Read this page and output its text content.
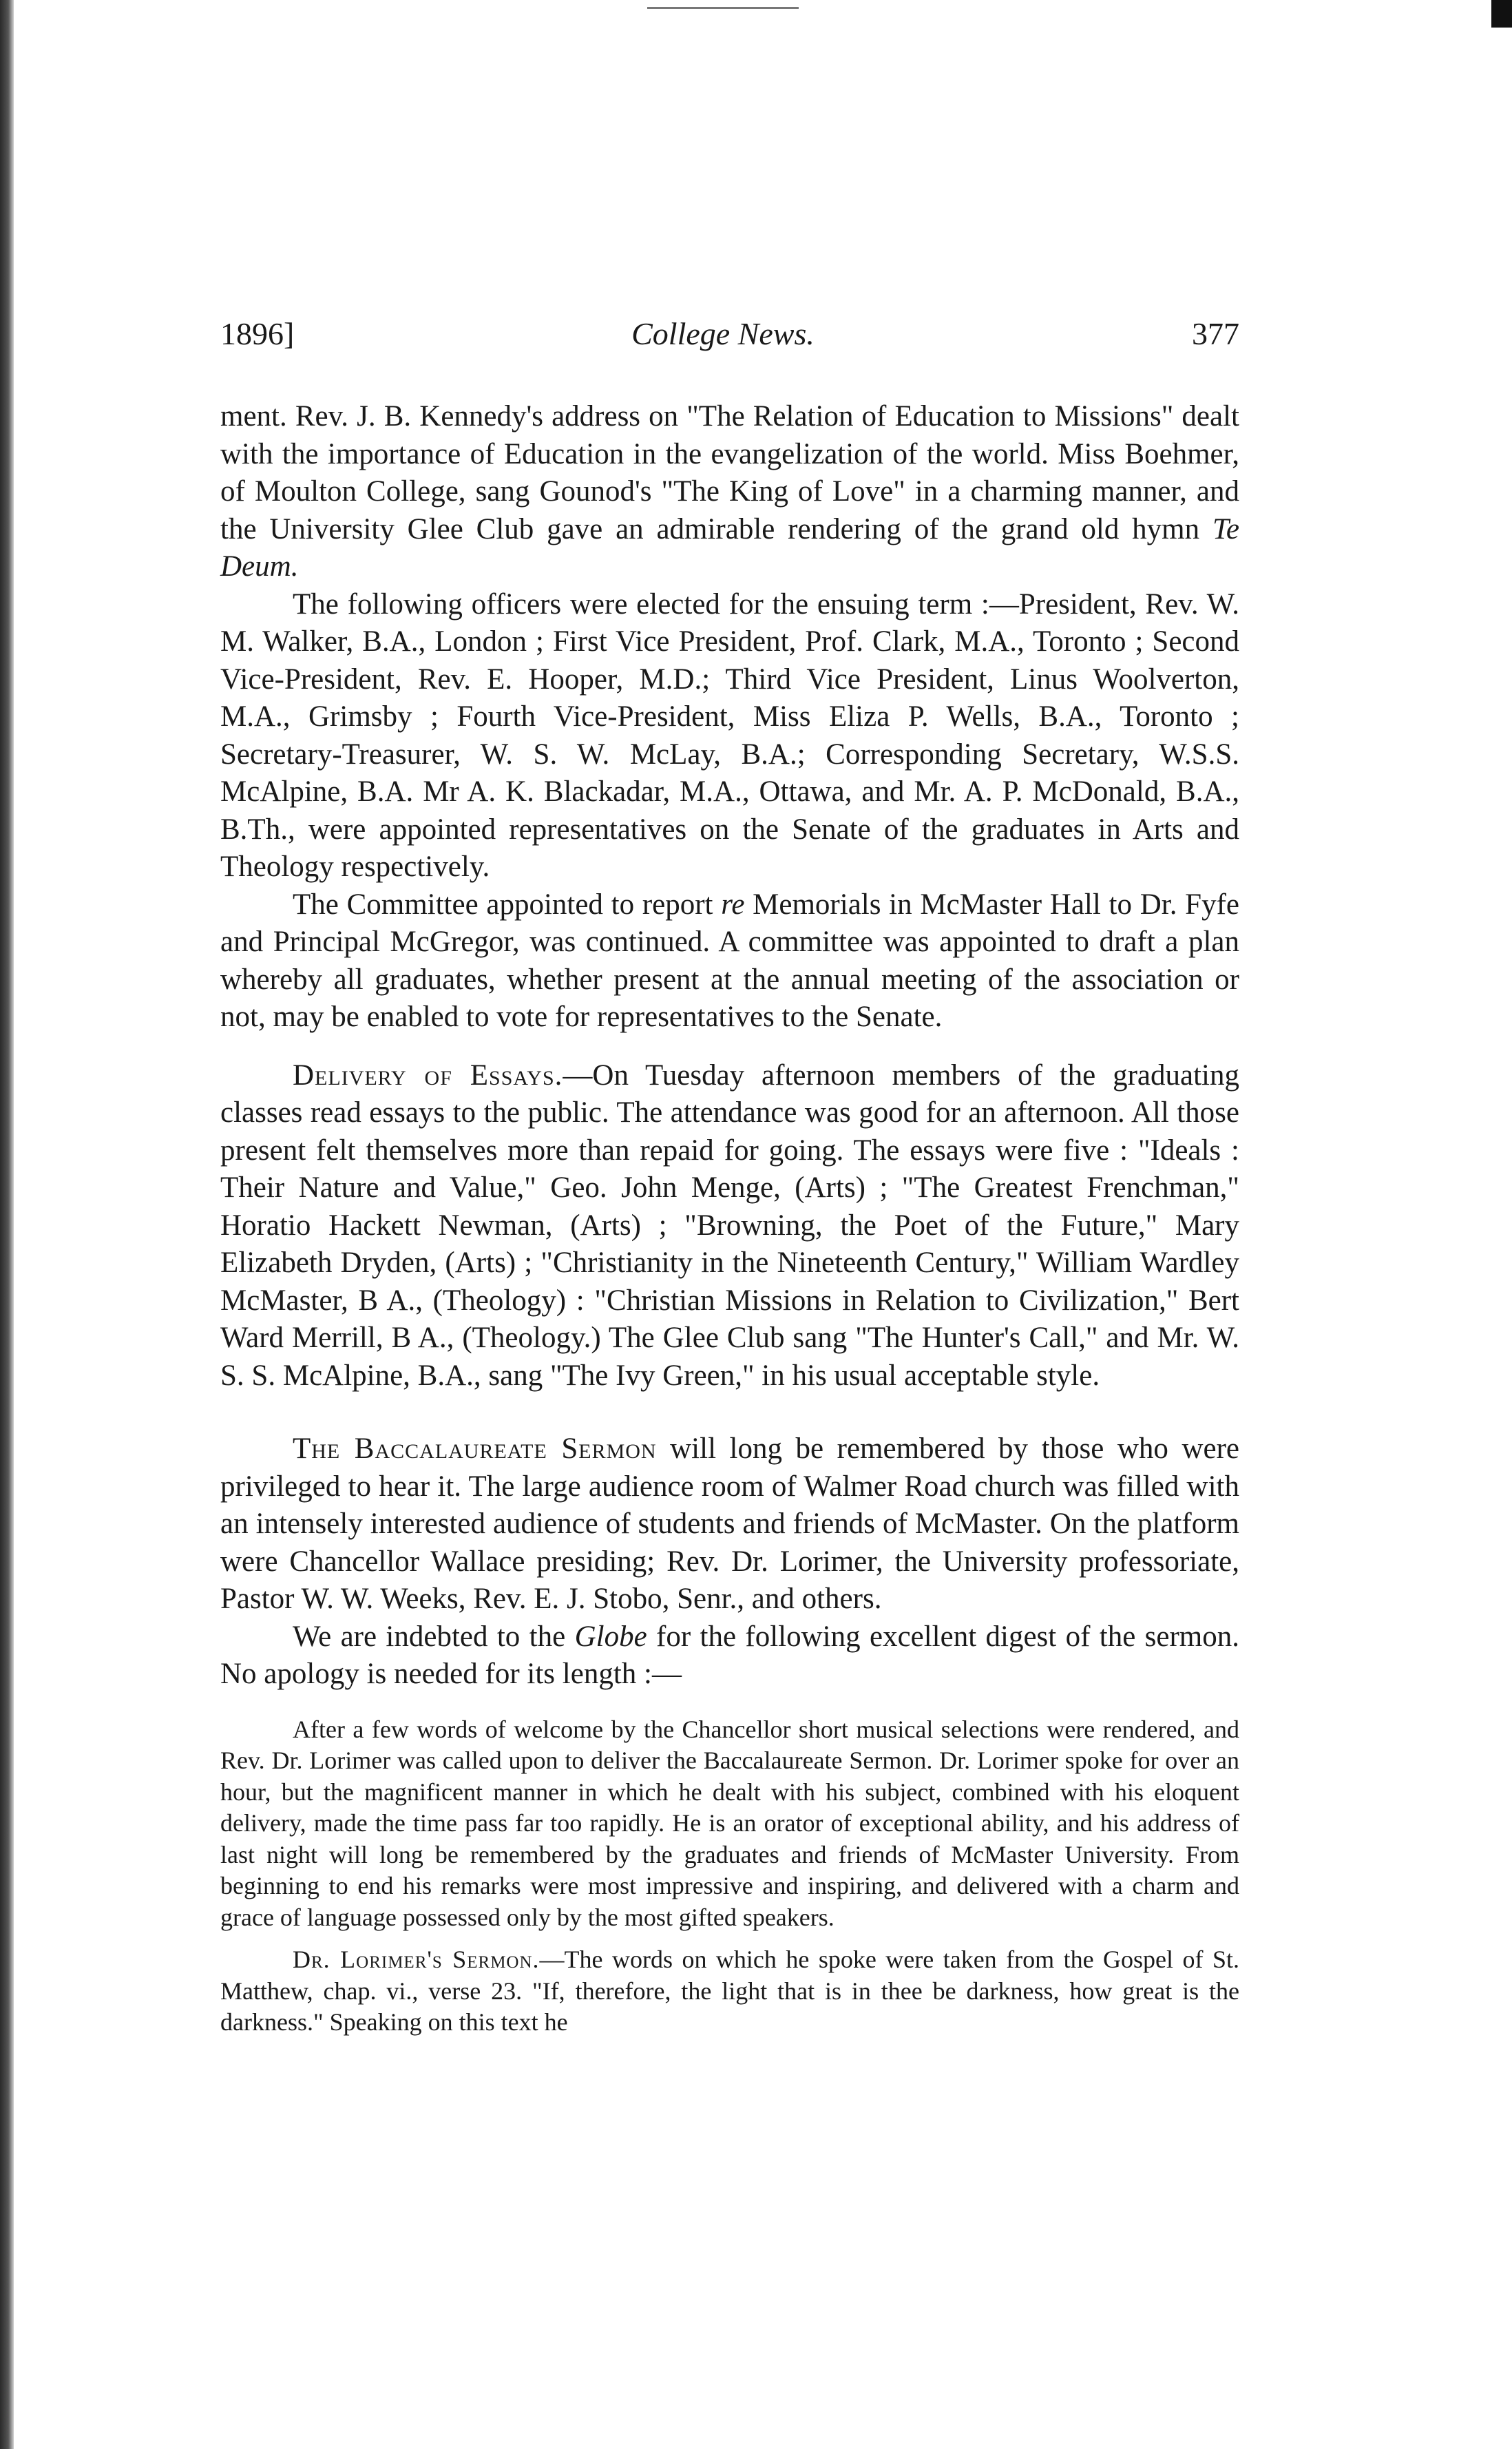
1896]	College News.	377

ment. Rev. J. B. Kennedy's address on "The Relation of Education to Missions" dealt with the importance of Education in the evangelization of the world. Miss Boehmer, of Moulton College, sang Gounod's "The King of Love" in a charming manner, and the University Glee Club gave an admirable rendering of the grand old hymn Te Deum.

The following officers were elected for the ensuing term :—President, Rev. W. M. Walker, B.A., London ; First Vice President, Prof. Clark, M.A., Toronto ; Second Vice-President, Rev. E. Hooper, M.D.; Third Vice President, Linus Woolverton, M.A., Grimsby ; Fourth Vice-President, Miss Eliza P. Wells, B.A., Toronto ; Secretary-Treasurer, W. S. W. McLay, B.A.; Corresponding Secretary, W.S.S. McAlpine, B.A. Mr A. K. Blackadar, M.A., Ottawa, and Mr. A. P. McDonald, B.A., B.Th., were appointed representatives on the Senate of the graduates in Arts and Theology respectively.

The Committee appointed to report re Memorials in McMaster Hall to Dr. Fyfe and Principal McGregor, was continued. A committee was appointed to draft a plan whereby all graduates, whether present at the annual meeting of the association or not, may be enabled to vote for representatives to the Senate.

Delivery of Essays.—On Tuesday afternoon members of the graduating classes read essays to the public. The attendance was good for an afternoon. All those present felt themselves more than repaid for going. The essays were five : "Ideals : Their Nature and Value," Geo. John Menge, (Arts) ; "The Greatest Frenchman," Horatio Hackett Newman, (Arts) ; "Browning, the Poet of the Future," Mary Elizabeth Dryden, (Arts) ; "Christianity in the Nineteenth Century," William Wardley McMaster, B A., (Theology) : "Christian Missions in Relation to Civilization," Bert Ward Merrill, B A., (Theology.) The Glee Club sang "The Hunter's Call," and Mr. W. S. S. McAlpine, B.A., sang "The Ivy Green," in his usual acceptable style.

The Baccalaureate Sermon will long be remembered by those who were privileged to hear it. The large audience room of Walmer Road church was filled with an intensely interested audience of students and friends of McMaster. On the platform were Chancellor Wallace presiding; Rev. Dr. Lorimer, the University professoriate, Pastor W. W. Weeks, Rev. E. J. Stobo, Senr., and others.

We are indebted to the Globe for the following excellent digest of the sermon. No apology is needed for its length :—

After a few words of welcome by the Chancellor short musical selections were rendered, and Rev. Dr. Lorimer was called upon to deliver the Baccalaureate Sermon. Dr. Lorimer spoke for over an hour, but the magnificent manner in which he dealt with his subject, combined with his eloquent delivery, made the time pass far too rapidly. He is an orator of exceptional ability, and his address of last night will long be remembered by the graduates and friends of McMaster University. From beginning to end his remarks were most impressive and inspiring, and delivered with a charm and grace of language possessed only by the most gifted speakers.

Dr. Lorimer's Sermon.—The words on which he spoke were taken from the Gospel of St. Matthew, chap. vi., verse 23. "If, therefore, the light that is in thee be darkness, how great is the darkness." Speaking on this text he
